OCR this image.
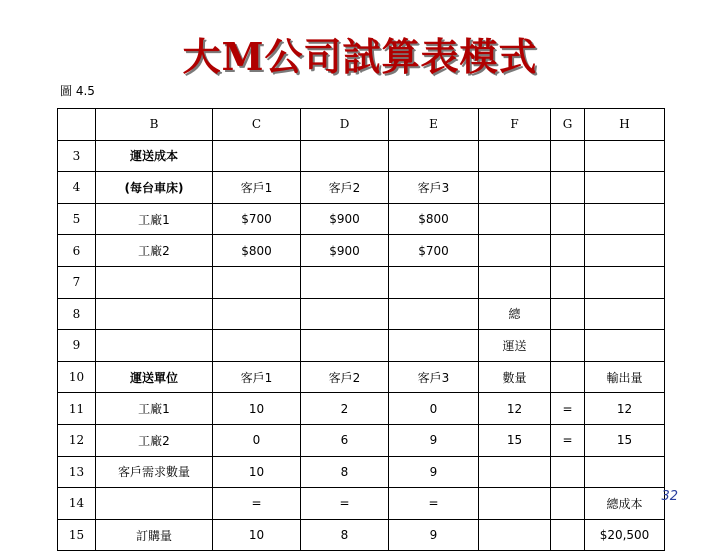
大M公司試算表模式
圖 4.5
	B	C	D	E	F	G	H
3	運送成本						
4	(每台車床)	客戶1	客戶2	客戶3			
5	工廠1	$700	$900	$800			
6	工廠2	$800	$900	$700			
7							
8					總		
9					運送		
10	運送單位	客戶1	客戶2	客戶3	數量		輸出量
11	工廠1	10	2	0	12	=	12
12	工廠2	0	6	9	15	=	15
13	客戶需求數量	10	8	9			
14		=	=	=			總成本
15	訂購量	10	8	9			$20,500
32
